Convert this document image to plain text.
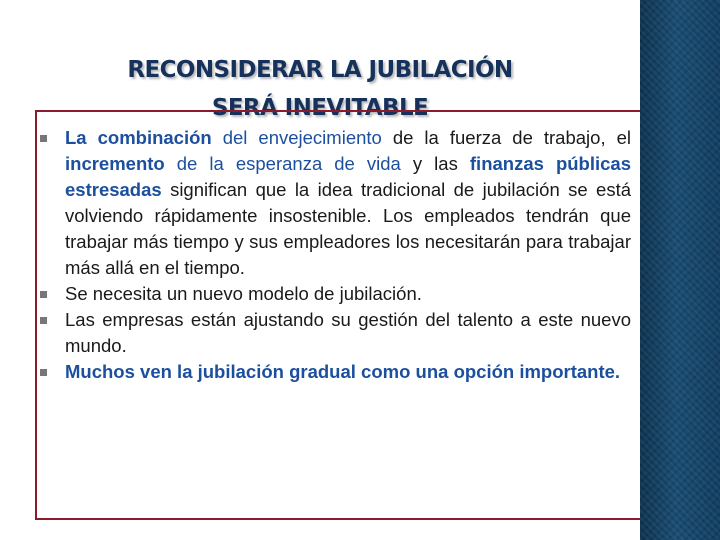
RECONSIDERAR LA JUBILACIÓN
SERÁ INEVITABLE
La combinación del envejecimiento de la fuerza de trabajo, el incremento de la esperanza de vida y las finanzas públicas estresadas significan que la idea tradicional de jubilación se está volviendo rápidamente insostenible. Los empleados tendrán que trabajar más tiempo y sus empleadores los necesitarán para trabajar más allá en el tiempo.
Se necesita un nuevo modelo de jubilación.
Las empresas están ajustando su gestión del talento a este nuevo mundo.
Muchos ven la jubilación gradual como una opción importante.
